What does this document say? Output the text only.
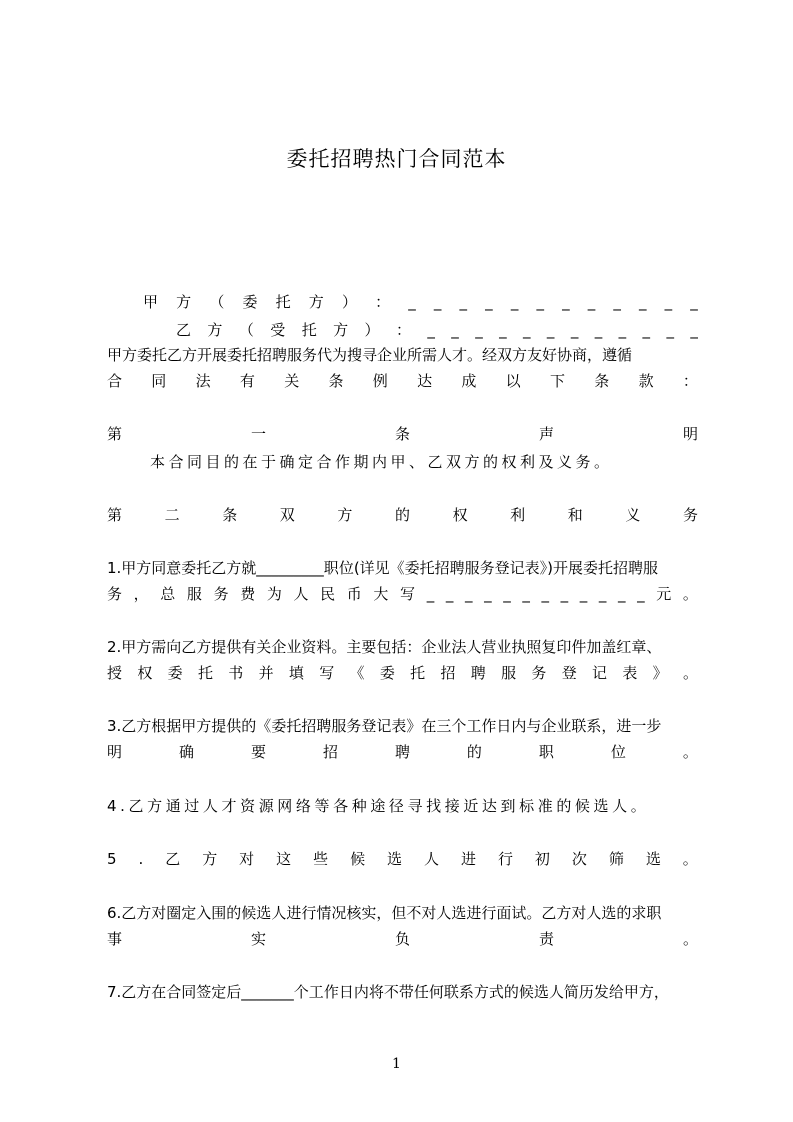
委托招聘热门合同范本
甲 方 （ 委 托 方 ） ： _ _ _ _ _ _ _ _ _ _ _ _
乙 方 （ 受 托 方 ） ： _ _ _ _ _ _ _ _ _ _ _ _
甲方委托乙方开展委托招聘服务代为搜寻企业所需人才。经双方友好协商，遵循
合 同 法 有 关 条 例 达 成 以 下 条 款 ：
第	一	条	声	明
本合同目的在于确定合作期内甲、乙双方的权利及义务。
第	二	条	双	方	的	权	利	和	义	务
1.甲方同意委托乙方就_________职位(详见《委托招聘服务登记表》)开展委托招聘服
务 ， 总 服 务 费 为 人 民 币 大 写 _ _ _ _ _ _ _ _ _ _ _ _ 元 。
2.甲方需向乙方提供有关企业资料。主要包括：企业法人营业执照复印件加盖红章、
授 权 委 托 书 并 填 写 《 委 托 招 聘 服 务 登 记 表 》 。
3.乙方根据甲方提供的《委托招聘服务登记表》在三个工作日内与企业联系，进一步
明	确	要	招	聘	的	职	位	。
4.乙方通过人才资源网络等各种途径寻找接近达到标准的候选人。
5 . 乙 方 对 这 些 候 选 人 进 行 初 次 筛 选 。
6.乙方对圈定入围的候选人进行情况核实，但不对人选进行面试。乙方对人选的求职
事	实	负	责	。
7.乙方在合同签定后_______个工作日内将不带任何联系方式的候选人简历发给甲方，
1
